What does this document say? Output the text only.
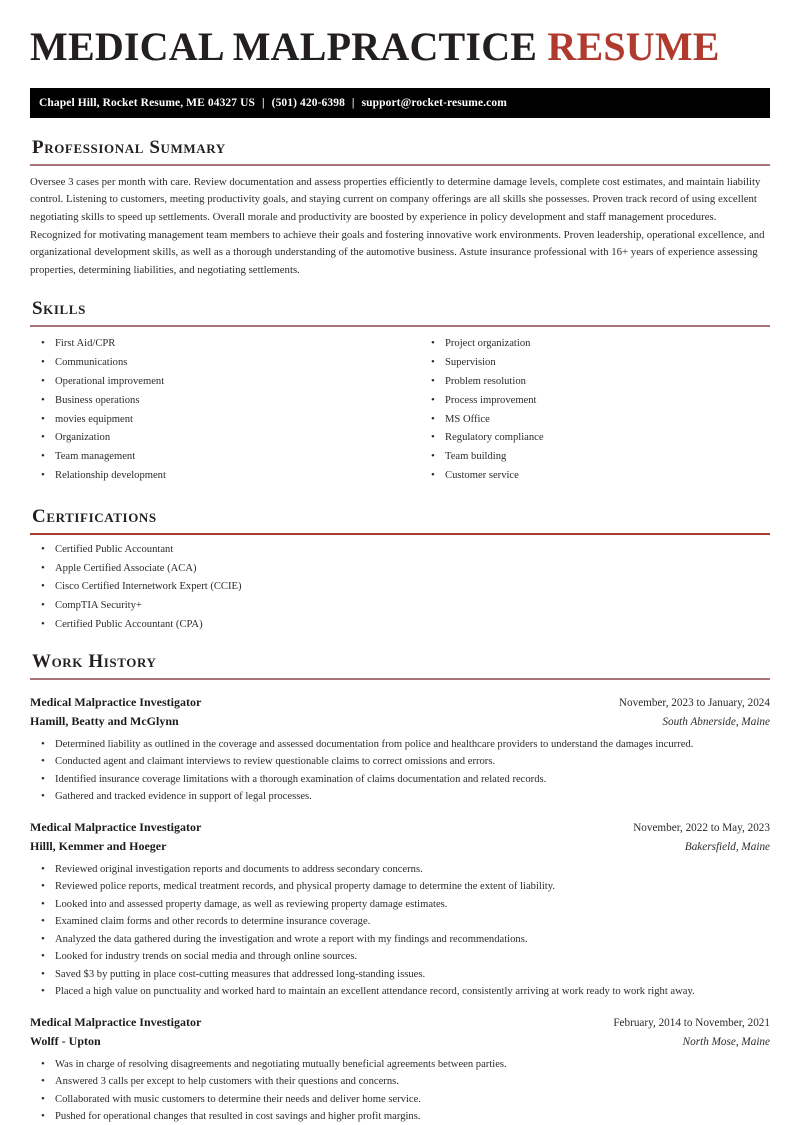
MEDICAL MALPRACTICE RESUME
Chapel Hill, Rocket Resume, ME 04327 US | (501) 420-6398 | support@rocket-resume.com
Professional Summary

Oversee 3 cases per month with care. Review documentation and assess properties efficiently to determine damage levels, complete cost estimates, and maintain liability control. Listening to customers, meeting productivity goals, and staying current on company offerings are all skills she possesses. Proven track record of using excellent negotiating skills to speed up settlements. Overall morale and productivity are boosted by experience in policy development and staff management procedures. Recognized for motivating management team members to achieve their goals and fostering innovative work environments. Proven leadership, operational excellence, and organizational development skills, as well as a thorough understanding of the automotive business. Astute insurance professional with 16+ years of experience assessing properties, determining liabilities, and negotiating settlements.

Skills
• First Aid/CPR
• Communications
• Operational improvement
• Business operations
• movies equipment
• Organization
• Team management
• Relationship development
• Project organization
• Supervision
• Problem resolution
• Process improvement
• MS Office
• Regulatory compliance
• Team building
• Customer service
Certifications
• Certified Public Accountant
• Apple Certified Associate (ACA)
• Cisco Certified Internetwork Expert (CCIE)
• CompTIA Security+
• Certified Public Accountant (CPA)
Work History
Medical Malpractice Investigator	November, 2023 to January, 2024
Hamill, Beatty and McGlynn	South Abnerside, Maine
• Determined liability as outlined in the coverage and assessed documentation from police and healthcare providers to understand the damages incurred.
• Conducted agent and claimant interviews to review questionable claims to correct omissions and errors.
• Identified insurance coverage limitations with a thorough examination of claims documentation and related records.
• Gathered and tracked evidence in support of legal processes.
Medical Malpractice Investigator	November, 2022 to May, 2023
Hilll, Kemmer and Hoeger	Bakersfield, Maine
• Reviewed original investigation reports and documents to address secondary concerns.
• Reviewed police reports, medical treatment records, and physical property damage to determine the extent of liability.
• Looked into and assessed property damage, as well as reviewing property damage estimates.
• Examined claim forms and other records to determine insurance coverage.
• Analyzed the data gathered during the investigation and wrote a report with my findings and recommendations.
• Looked for industry trends on social media and through online sources.
• Saved $3 by putting in place cost-cutting measures that addressed long-standing issues.
• Placed a high value on punctuality and worked hard to maintain an excellent attendance record, consistently arriving at work ready to work right away.
Medical Malpractice Investigator	February, 2014 to November, 2021
Wolff - Upton	North Mose, Maine
• Was in charge of resolving disagreements and negotiating mutually beneficial agreements between parties.
• Answered 3 calls per except to help customers with their questions and concerns.
• Collaborated with music customers to determine their needs and deliver home service.
• Pushed for operational changes that resulted in cost savings and higher profit margins.
